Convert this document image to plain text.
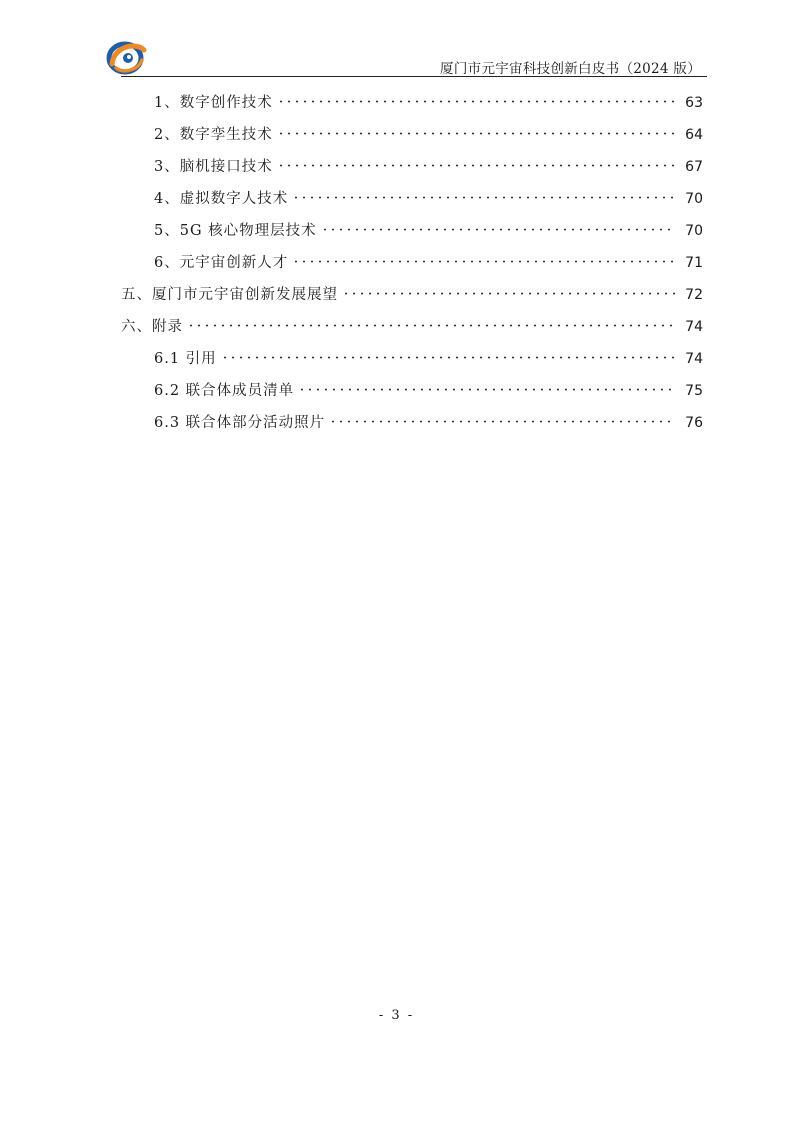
厦门市元宇宙科技创新白皮书（2024 版）
1、数字创作技术	63
2、数字孪生技术	64
3、脑机接口技术	67
4、虚拟数字人技术	70
5、5G 核心物理层技术	70
6、元宇宙创新人才	71
五、厦门市元宇宙创新发展展望	72
六、附录	74
6.1 引用	74
6.2 联合体成员清单	75
6.3 联合体部分活动照片	76
- 3 -
